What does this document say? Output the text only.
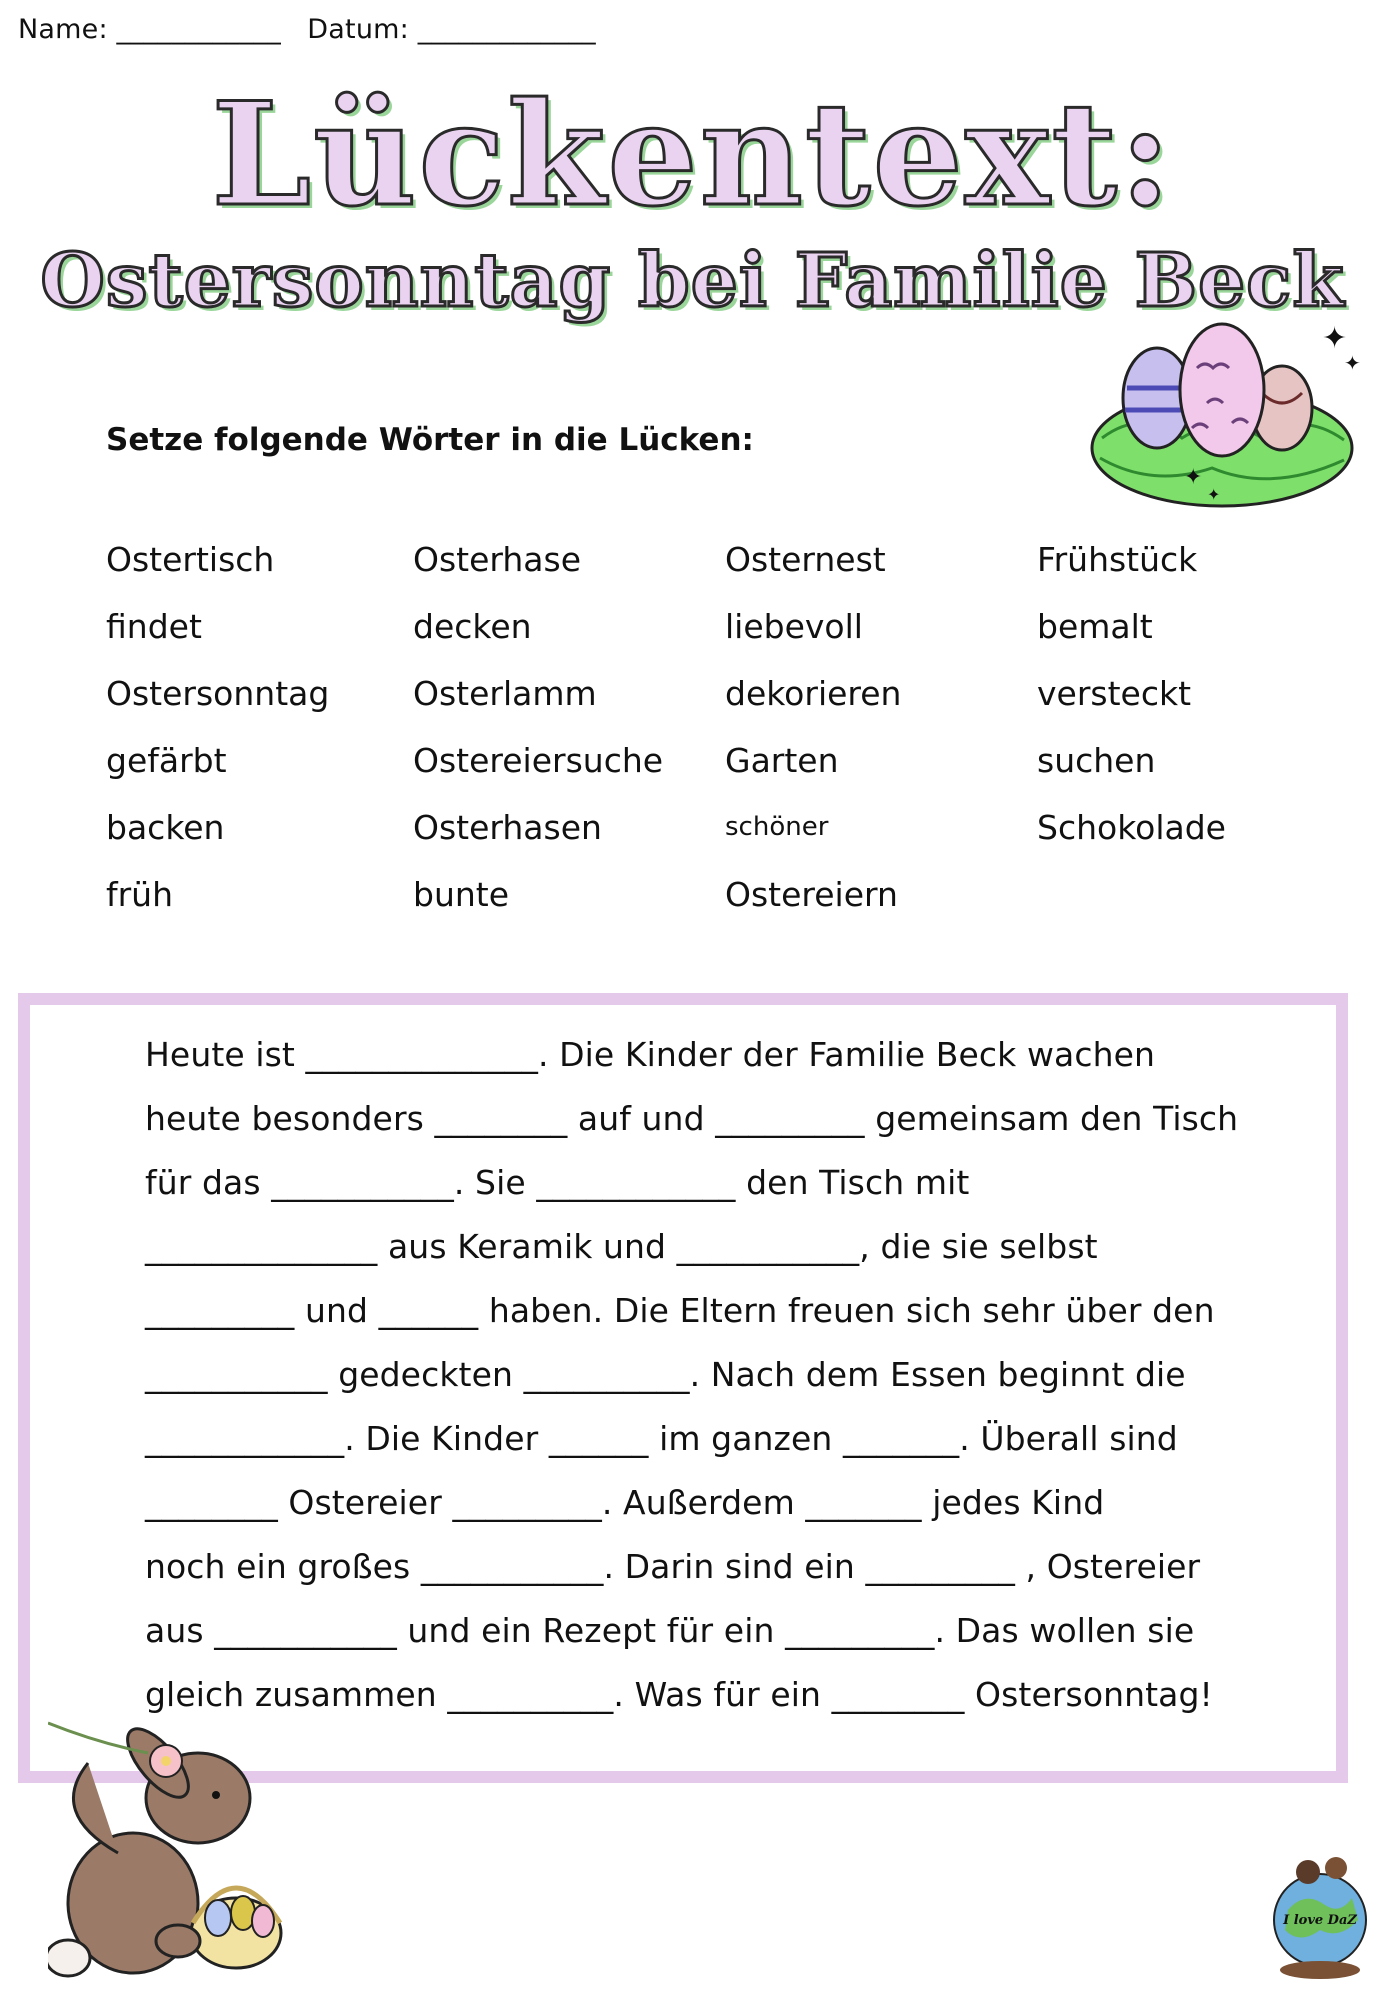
Name: ____________ Datum: _____________
Lückentext:
Ostersonntag bei Familie Beck
✦
✦
✦
✦
Setze folgende Wörter in die Lücken:
Ostertisch
findet
Ostersonntag
gefärbt
backen
früh
Osterhase
decken
Osterlamm
Ostereiersuche
Osterhasen
bunte
Osternest
liebevoll
dekorieren
Garten
schöner
Ostereiern
Frühstück
bemalt
versteckt
suchen
Schokolade
Heute ist ______________. Die Kinder der Familie Beck wachen
heute besonders ________ auf und _________ gemeinsam den Tisch
für das ___________. Sie ____________ den Tisch mit
______________ aus Keramik und ___________, die sie selbst
_________ und ______ haben. Die Eltern freuen sich sehr über den
___________ gedeckten __________. Nach dem Essen beginnt die
____________. Die Kinder ______ im ganzen _______. Überall sind
________ Ostereier _________. Außerdem _______ jedes Kind
noch ein großes ___________. Darin sind ein _________ , Ostereier
aus ___________ und ein Rezept für ein _________. Das wollen sie
gleich zusammen __________. Was für ein ________ Ostersonntag!
I love DaZ
